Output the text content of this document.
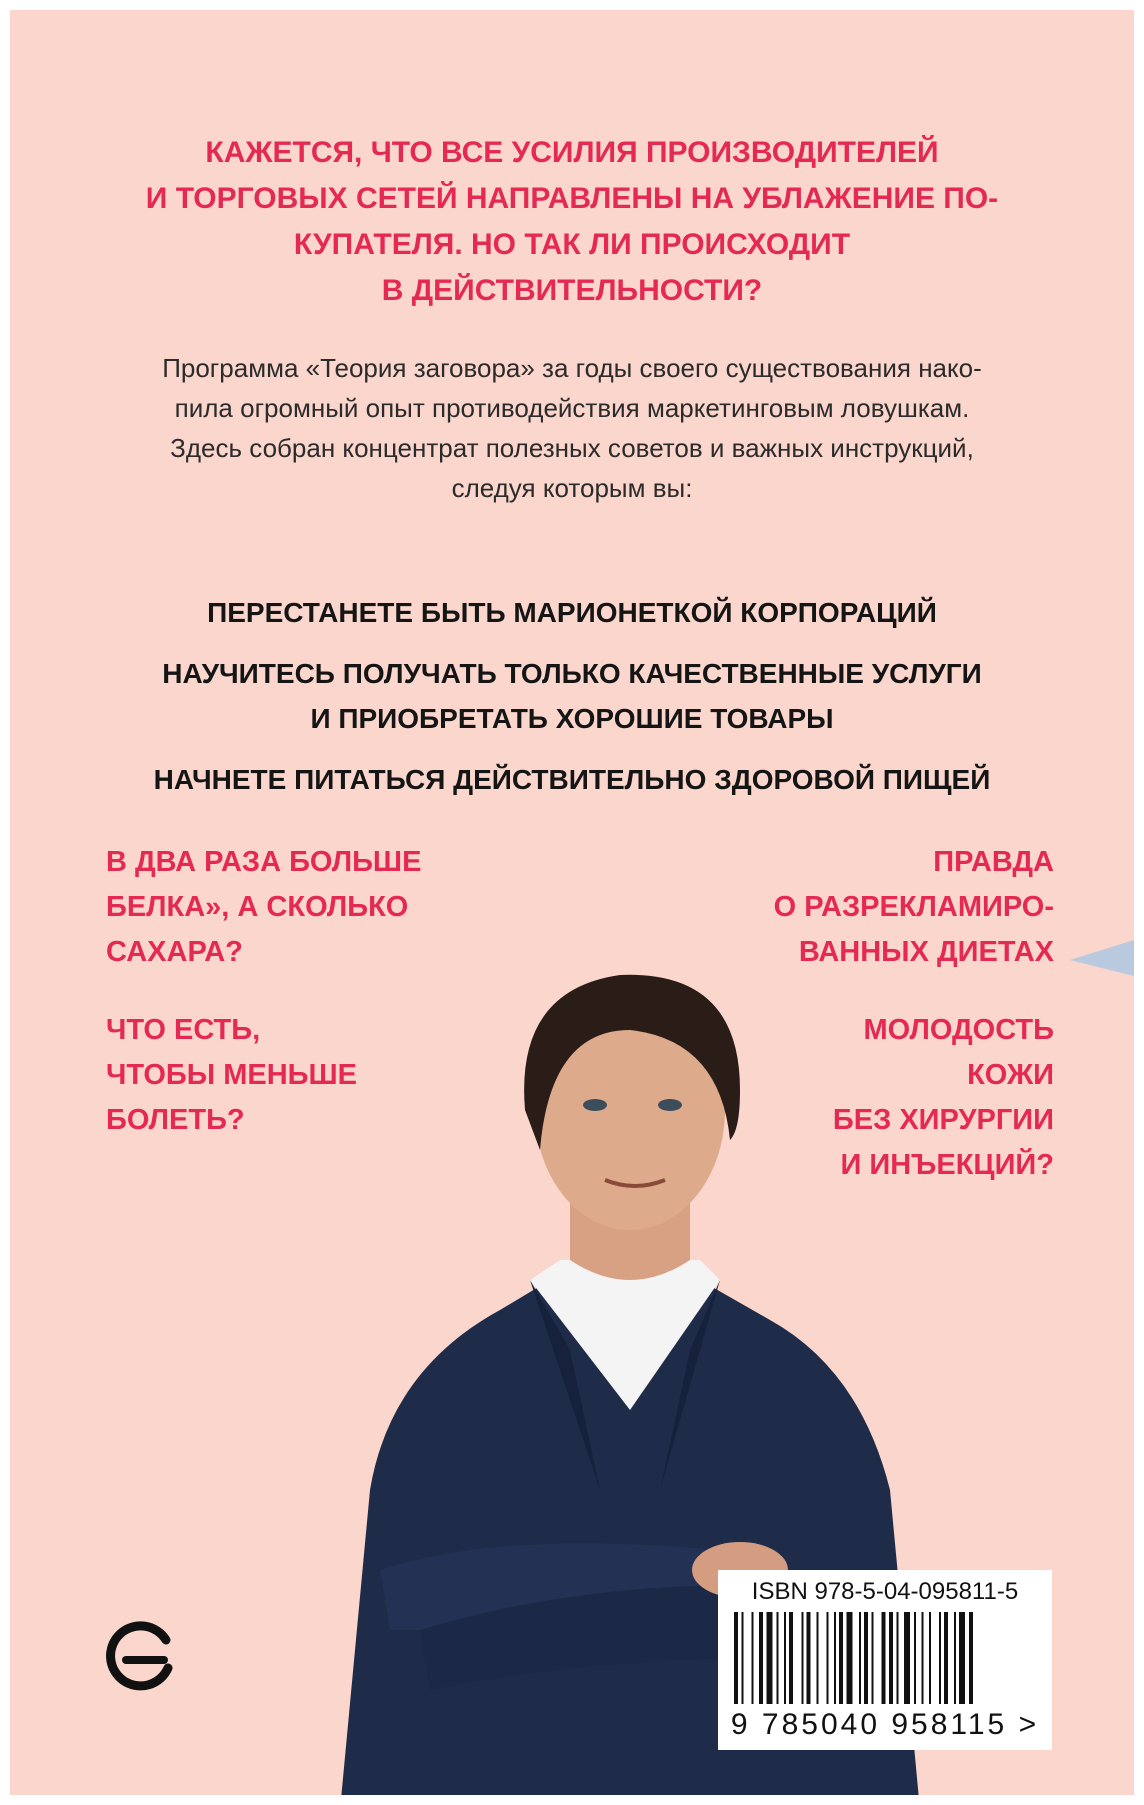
КАЖЕТСЯ, ЧТО ВСЕ УСИЛИЯ ПРОИЗВОДИТЕЛЕЙ
И ТОРГОВЫХ СЕТЕЙ НАПРАВЛЕНЫ НА УБЛАЖЕНИЕ ПО-
КУПАТЕЛЯ. НО ТАК ЛИ ПРОИСХОДИТ
В ДЕЙСТВИТЕЛЬНОСТИ?
Программа «Теория заговора» за годы своего существования нако-
пила огромный опыт противодействия маркетинговым ловушкам.
Здесь собран концентрат полезных советов и важных инструкций,
следуя которым вы:
ПЕРЕСТАНЕТЕ БЫТЬ МАРИОНЕТКОЙ КОРПОРАЦИЙ
НАУЧИТЕСЬ ПОЛУЧАТЬ ТОЛЬКО КАЧЕСТВЕННЫЕ УСЛУГИ
И ПРИОБРЕТАТЬ ХОРОШИЕ ТОВАРЫ
НАЧНЕТЕ ПИТАТЬСЯ ДЕЙСТВИТЕЛЬНО ЗДОРОВОЙ ПИЩЕЙ
В ДВА РАЗА БОЛЬШЕ
БЕЛКА», А СКОЛЬКО
САХАРА?
ЧТО ЕСТЬ,
ЧТОБЫ МЕНЬШЕ
БОЛЕТЬ?
ПРАВДА
О РАЗРЕКЛАМИРО-
ВАННЫХ ДИЕТАХ
МОЛОДОСТЬ
КОЖИ
БЕЗ ХИРУРГИИ
И ИНЪЕКЦИЙ?
ISBN 978-5-04-095811-5
9 785040 958115 >
